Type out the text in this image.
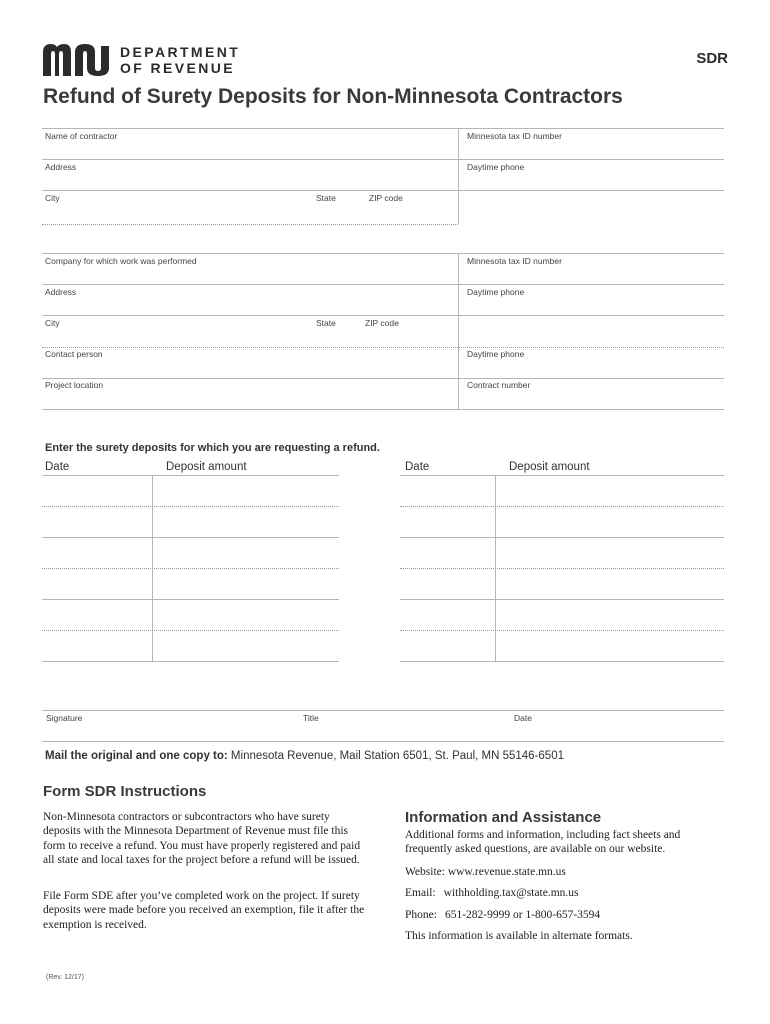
DEPARTMENT
OF REVENUE
SDR
Refund of Surety Deposits for Non-Minnesota Contractors
Name of contractor	Minnesota tax ID number
Address	Daytime phone
City	State	ZIP code
Company for which work was performed	Minnesota tax ID number
Address	Daytime phone
City	State	ZIP code
Contact person	Daytime phone
Project location	Contract number
Enter the surety deposits for which you are requesting a refund.
Date	Deposit amount	Date	Deposit amount
Signature	Title	Date
Mail the original and one copy to: Minnesota Revenue, Mail Station 6501, St. Paul, MN 55146-6501
Form SDR Instructions
Non-Minnesota contractors or subcontractors who have surety deposits with the Minnesota Department of Revenue must file this form to receive a refund. You must have properly registered and paid all state and local taxes for the project before a refund will be issued.
File Form SDE after you’ve completed work on the project. If surety deposits were made before you received an exemption, file it after the exemption is received.
Information and Assistance
Additional forms and information, including fact sheets and frequently asked questions, are available on our website.
Website: www.revenue.state.mn.us
Email: withholding.tax@state.mn.us
Phone: 651-282-9999 or 1-800-657-3594
This information is available in alternate formats.
(Rev. 12/17)
